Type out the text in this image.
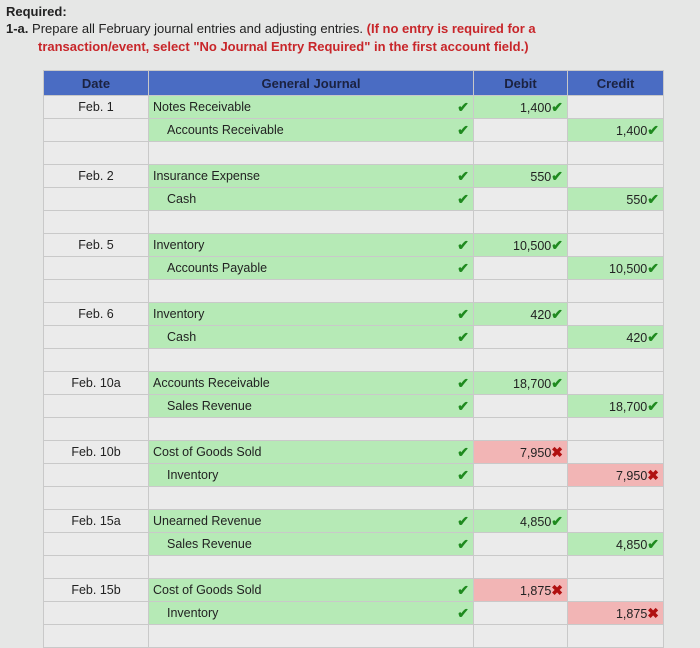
Required:
1-a. Prepare all February journal entries and adjusting entries. (If no entry is required for a
transaction/event, select "No Journal Entry Required" in the first account field.)
Date	General Journal	Debit	Credit
Feb. 1	Notes Receivable ✔	1,400✔	

	Accounts Receivable ✔		1,400✔

Feb. 2	Insurance Expense ✔	550✔	

	Cash ✔		550✔

Feb. 5	Inventory ✔	10,500✔	

	Accounts Payable ✔		10,500✔

Feb. 6	Inventory ✔	420✔	

	Cash ✔		420✔

Feb. 10a	Accounts Receivable ✔	18,700✔	

	Sales Revenue ✔		18,700✔

Feb. 10b	Cost of Goods Sold ✔	7,950✖	

	Inventory ✔		7,950✖

Feb. 15a	Unearned Revenue ✔	4,850✔	

	Sales Revenue ✔		4,850✔

Feb. 15b	Cost of Goods Sold ✔	1,875✖	

	Inventory ✔		1,875✖
